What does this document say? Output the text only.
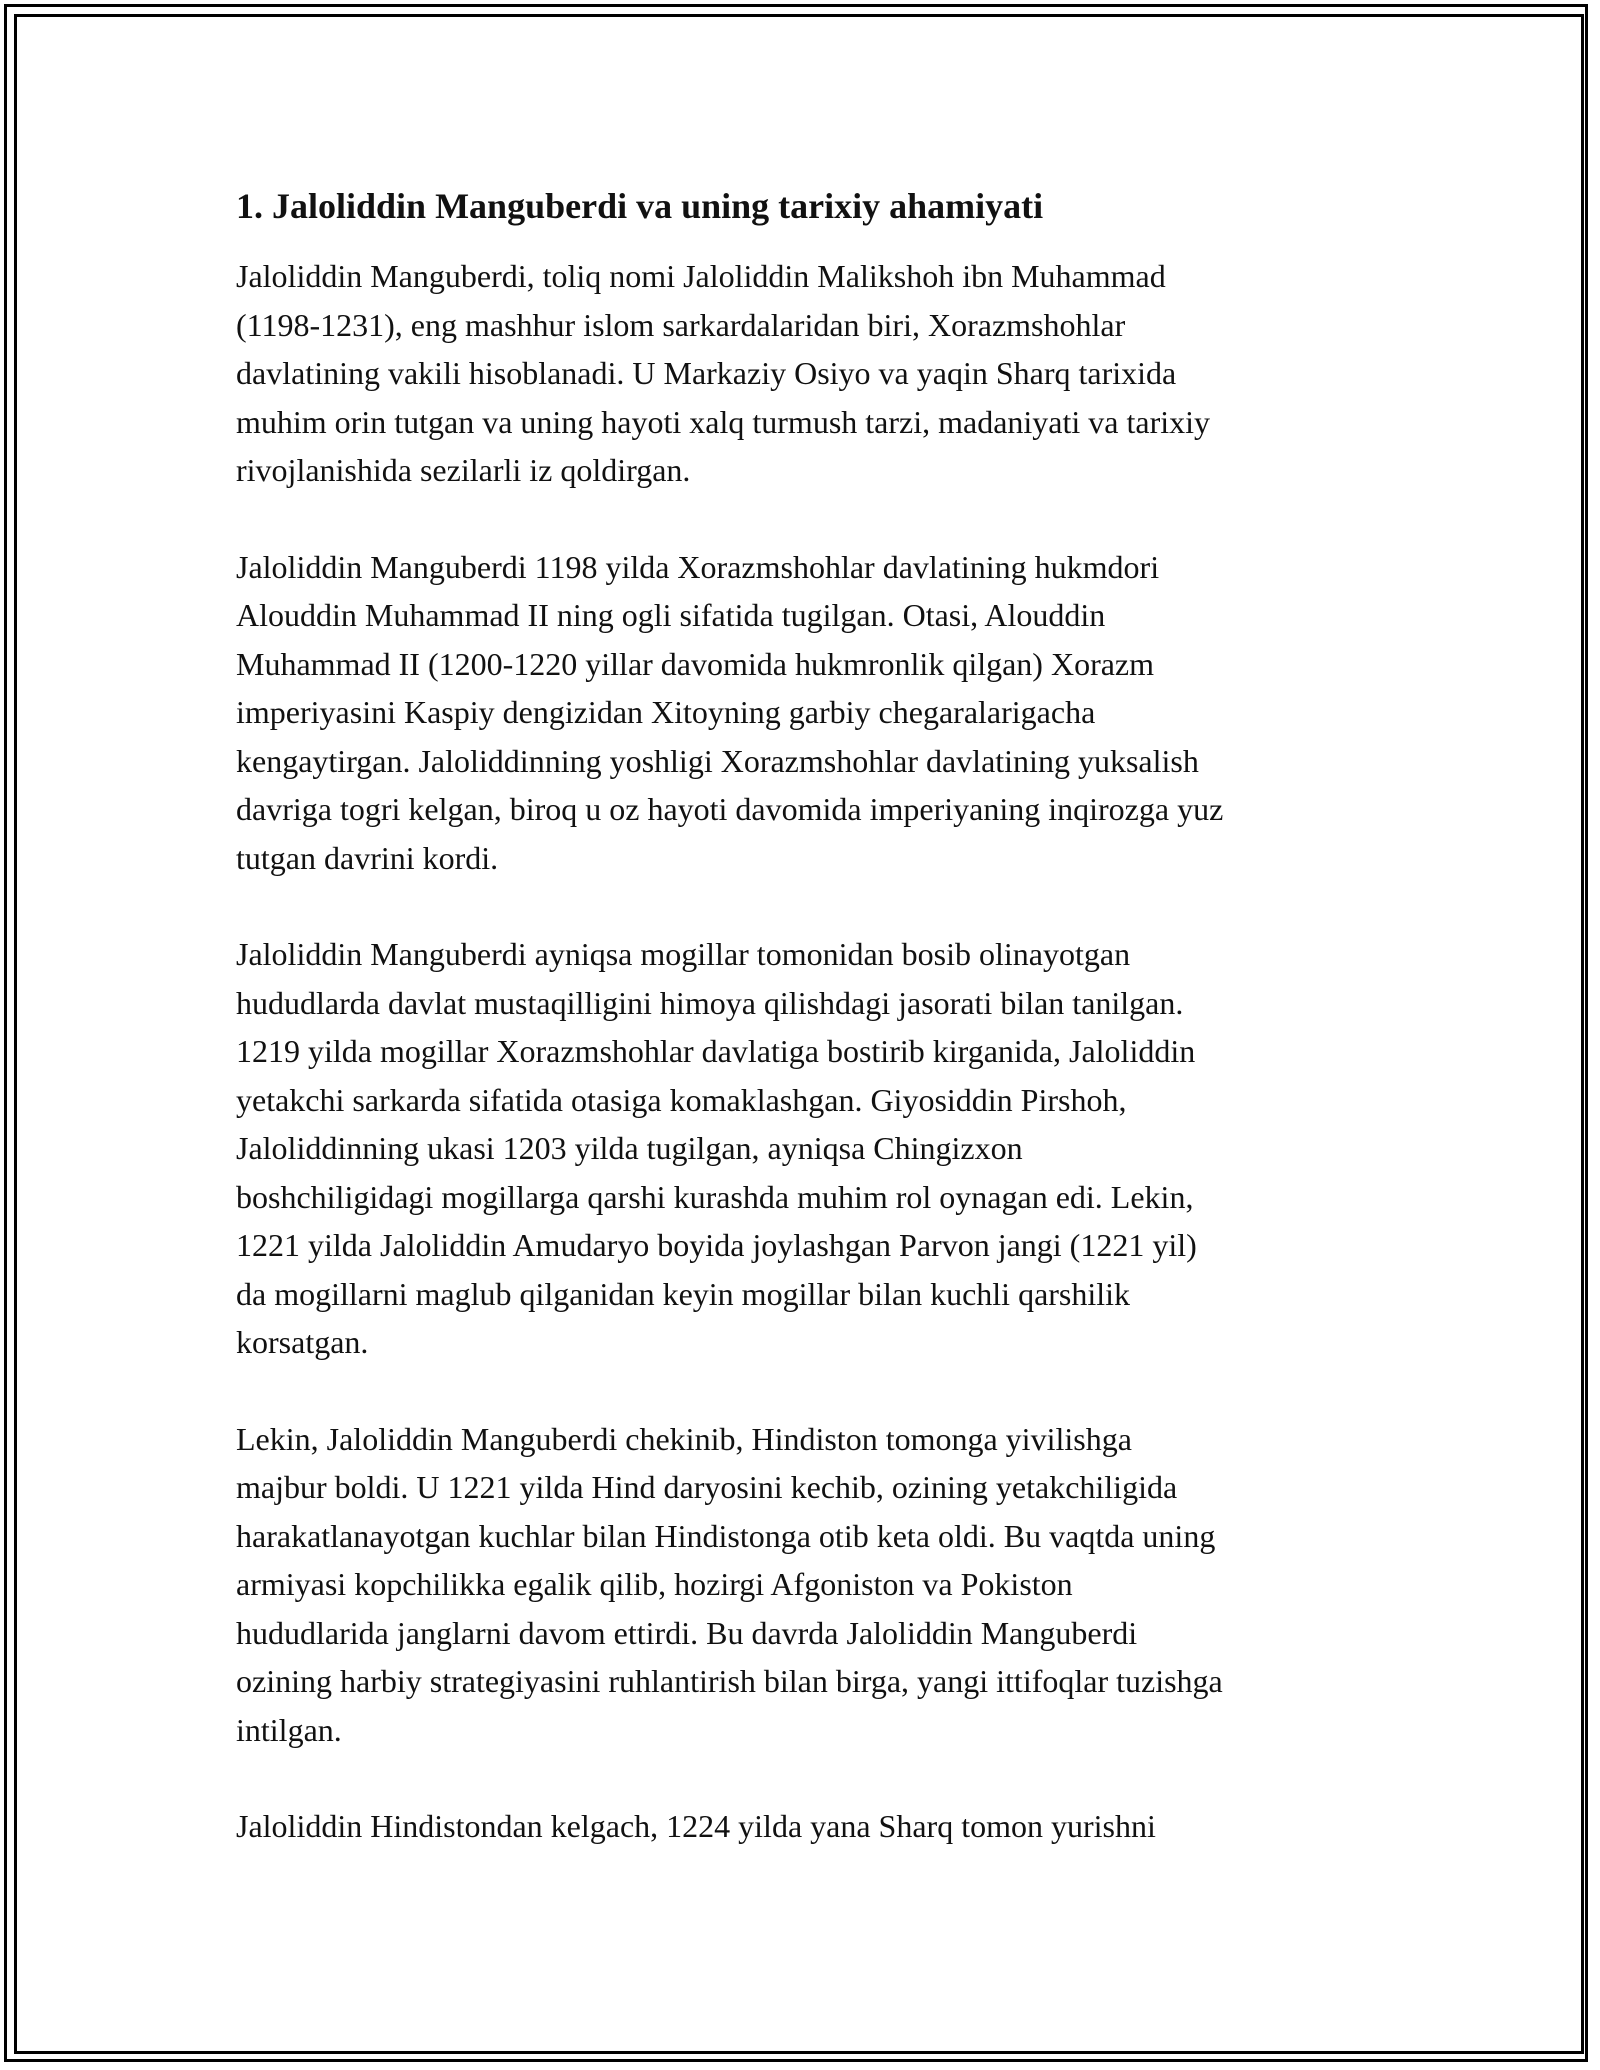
1. Jaloliddin Manguberdi va uning tarixiy ahamiyati

Jaloliddin Manguberdi, toliq nomi Jaloliddin Malikshoh ibn Muhammad
(1198-1231), eng mashhur islom sarkardalaridan biri, Xorazmshohlar
davlatining vakili hisoblanadi. U Markaziy Osiyo va yaqin Sharq tarixida
muhim orin tutgan va uning hayoti xalq turmush tarzi, madaniyati va tarixiy
rivojlanishida sezilarli iz qoldirgan.

Jaloliddin Manguberdi 1198 yilda Xorazmshohlar davlatining hukmdori
Alouddin Muhammad II ning ogli sifatida tugilgan. Otasi, Alouddin
Muhammad II (1200-1220 yillar davomida hukmronlik qilgan) Xorazm
imperiyasini Kaspiy dengizidan Xitoyning garbiy chegaralarigacha
kengaytirgan. Jaloliddinning yoshligi Xorazmshohlar davlatining yuksalish
davriga togri kelgan, biroq u oz hayoti davomida imperiyaning inqirozga yuz
tutgan davrini kordi.

Jaloliddin Manguberdi ayniqsa mogillar tomonidan bosib olinayotgan
hududlarda davlat mustaqilligini himoya qilishdagi jasorati bilan tanilgan.
1219 yilda mogillar Xorazmshohlar davlatiga bostirib kirganida, Jaloliddin
yetakchi sarkarda sifatida otasiga komaklashgan. Giyosiddin Pirshoh,
Jaloliddinning ukasi 1203 yilda tugilgan, ayniqsa Chingizxon
boshchiligidagi mogillarga qarshi kurashda muhim rol oynagan edi. Lekin,
1221 yilda Jaloliddin Amudaryo boyida joylashgan Parvon jangi (1221 yil)
da mogillarni maglub qilganidan keyin mogillar bilan kuchli qarshilik
korsatgan.

Lekin, Jaloliddin Manguberdi chekinib, Hindiston tomonga yivilishga
majbur boldi. U 1221 yilda Hind daryosini kechib, ozining yetakchiligida
harakatlanayotgan kuchlar bilan Hindistonga otib keta oldi. Bu vaqtda uning
armiyasi kopchilikka egalik qilib, hozirgi Afgoniston va Pokiston
hududlarida janglarni davom ettirdi. Bu davrda Jaloliddin Manguberdi
ozining harbiy strategiyasini ruhlantirish bilan birga, yangi ittifoqlar tuzishga
intilgan.

Jaloliddin Hindistondan kelgach, 1224 yilda yana Sharq tomon yurishni
